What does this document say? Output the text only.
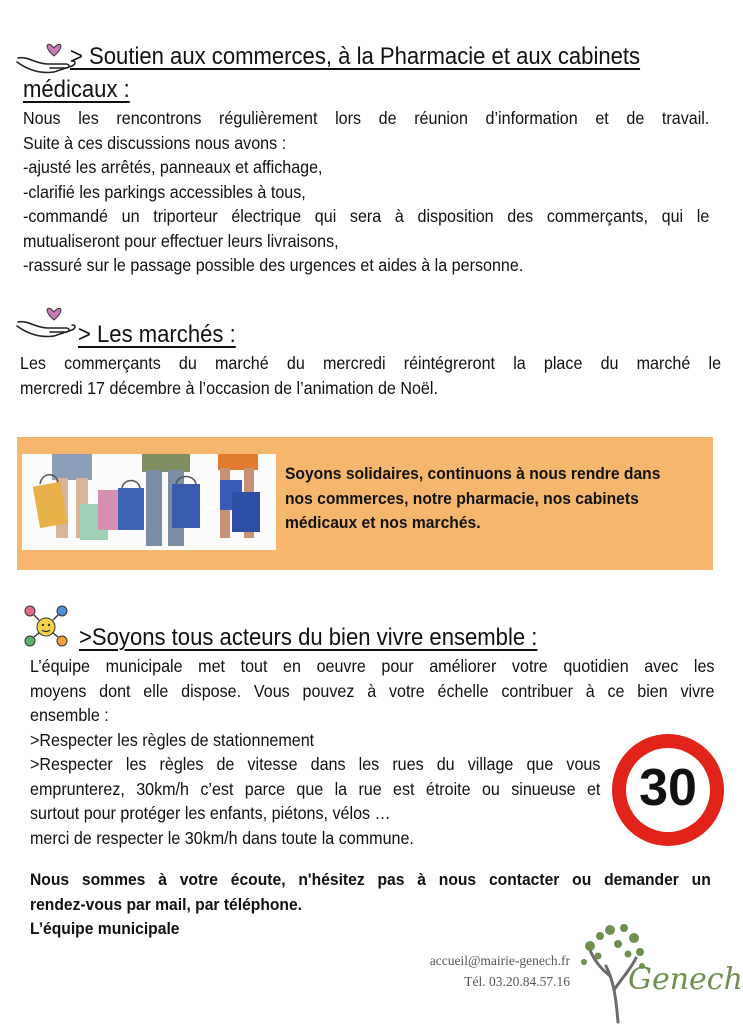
> Soutien aux commerces, à la Pharmacie et aux cabinets
médicaux :
Nous les rencontrons régulièrement lors de réunion d’information et de travail.
Suite à ces discussions nous avons :
-ajusté les arrêtés, panneaux et affichage,
-clarifié les parkings accessibles à tous,
-commandé un triporteur électrique qui sera à disposition des commerçants, qui le
mutualiseront pour effectuer leurs livraisons,
-rassuré sur le passage possible des urgences et aides à la personne.
> Les marchés :
Les commerçants du marché du mercredi réintégreront la place du marché le
mercredi 17 décembre à l’occasion de l’animation de Noël.
Soyons solidaires, continuons à nous rendre dans
nos commerces, notre pharmacie, nos cabinets
médicaux et nos marchés.
>Soyons tous acteurs du bien vivre ensemble :
L’équipe municipale met tout en oeuvre pour améliorer votre quotidien avec les
moyens dont elle dispose. Vous pouvez à votre échelle contribuer à ce bien vivre
ensemble :
>Respecter les règles de stationnement
>Respecter les règles de vitesse dans les rues du village que vous
emprunterez, 30km/h c’est parce que la rue est étroite ou sinueuse et
surtout pour protéger les enfants, piétons, vélos …
merci de respecter le 30km/h dans toute la commune.
30
Nous sommes à votre écoute, n'hésitez pas à nous contacter ou demander un
rendez-vous par mail, par téléphone.
L’équipe municipale
accueil@mairie-genech.fr
Tél. 03.20.84.57.16 Genech
